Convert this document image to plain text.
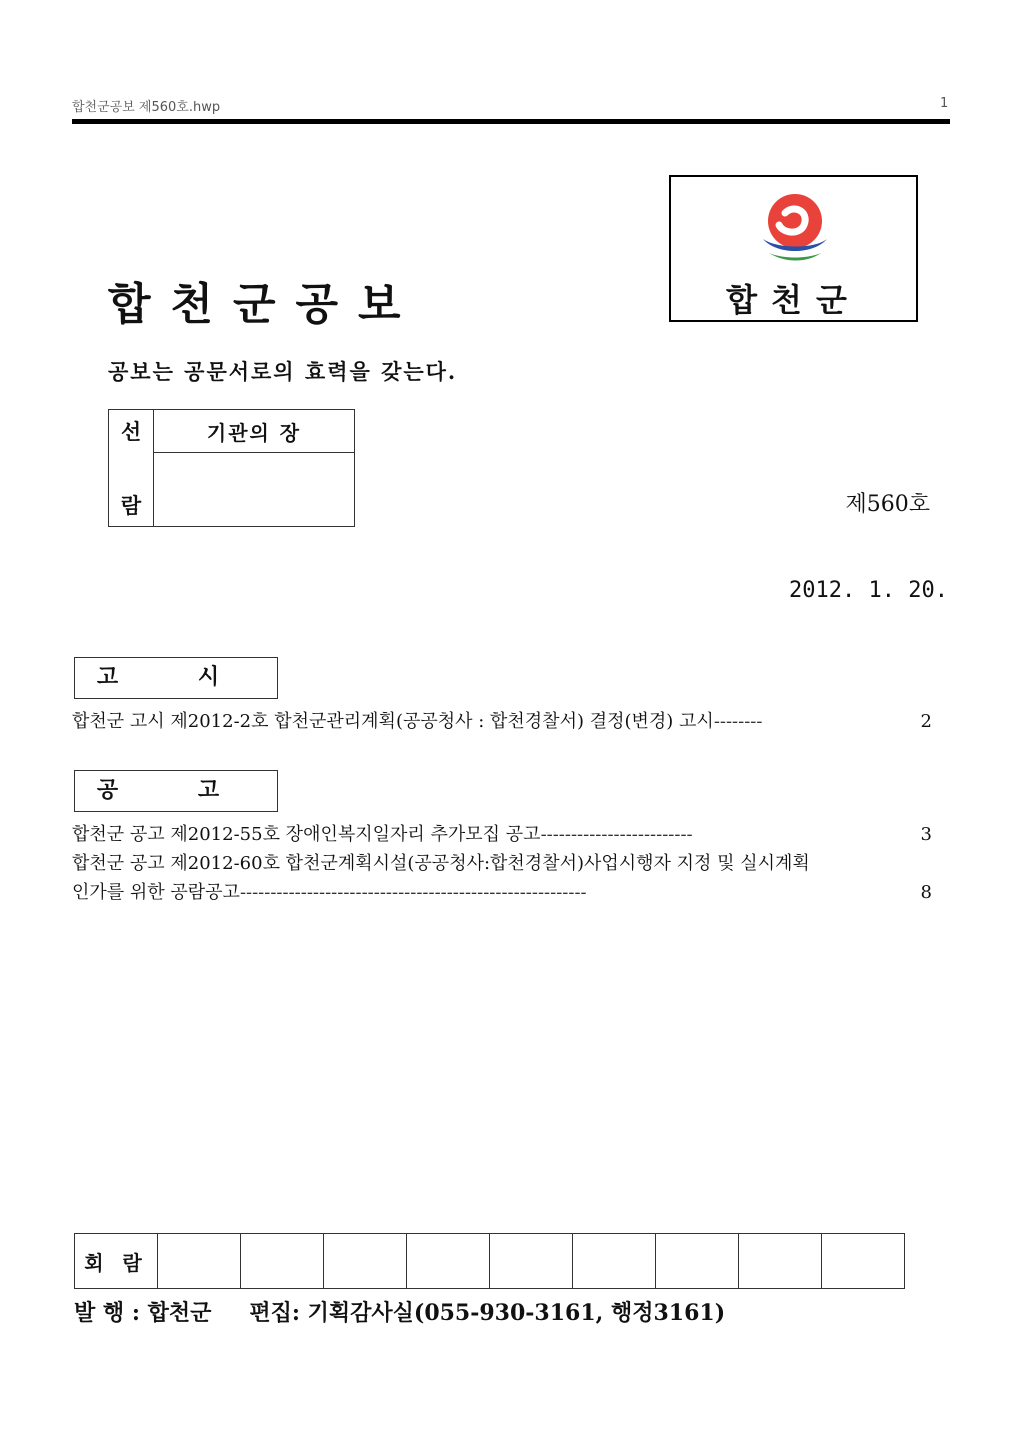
합천군공보 제560호.hwp	1
합천군공보
공보는 공문서로의 효력을 갖는다.
합천군
선
람
	기관의 장

제560호
2012. 1. 20.
고 시
합천군 고시 제2012-2호 합천군관리계획(공공청사 : 합천경찰서) 결정(변경) 고시 --------	2
공 고
합천군 공고 제2012-55호 장애인복지일자리 추가모집 공고 -------------------------	3
합천군 공고 제2012-60호 합천군계획시설(공공청사:합천경찰서)사업시행자 지정 및 실시계획
인가를 위한 공람공고 ---------------------------------------------------------	8
회 람									
발 행 : 합천군 편집: 기획감사실(055-930-3161, 행정3161)
